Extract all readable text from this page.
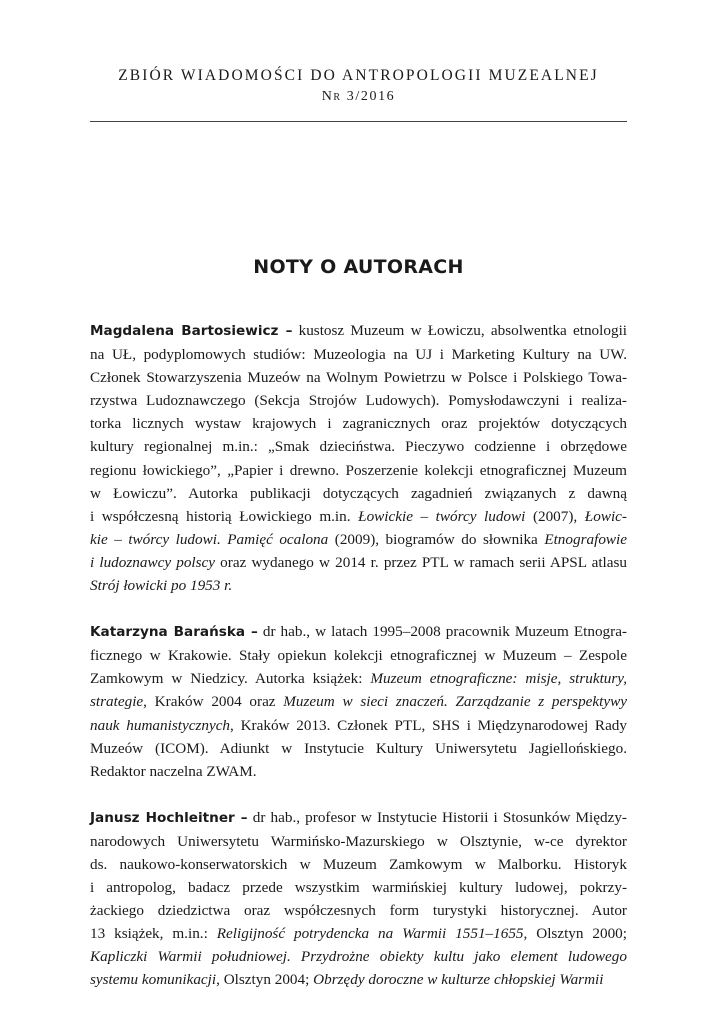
ZBIÓR WIADOMOŚCI DO ANTROPOLOGII MUZEALNEJ
Nr 3/2016
NOTY O AUTORACH
Magdalena Bartosiewicz – kustosz Muzeum w Łowiczu, absolwentka etnologii
na UŁ, podyplomowych studiów: Muzeologia na UJ i Marketing Kultury na UW.
Członek Stowarzyszenia Muzeów na Wolnym Powietrzu w Polsce i Polskiego Towa-
rzystwa Ludoznawczego (Sekcja Strojów Ludowych). Pomysłodawczyni i realiza-
torka licznych wystaw krajowych i zagranicznych oraz projektów dotyczących
kultury regionalnej m.in.: „Smak dzieciństwa. Pieczywo codzienne i obrzędowe
regionu łowickiego”, „Papier i drewno. Poszerzenie kolekcji etnograficznej Muzeum
w Łowiczu”. Autorka publikacji dotyczących zagadnień związanych z dawną
i współczesną historią Łowickiego m.in. Łowickie – twórcy ludowi (2007), Łowic-
kie – twórcy ludowi. Pamięć ocalona (2009), biogramów do słownika Etnografowie
i ludoznawcy polscy oraz wydanego w 2014 r. przez PTL w ramach serii APSL atlasu
Strój łowicki po 1953 r.
Katarzyna Barańska – dr hab., w latach 1995–2008 pracownik Muzeum Etnogra-
ficznego w Krakowie. Stały opiekun kolekcji etnograficznej w Muzeum – Zespole
Zamkowym w Niedzicy. Autorka książek: Muzeum etnograficzne: misje, struktury,
strategie, Kraków 2004 oraz Muzeum w sieci znaczeń. Zarządzanie z perspektywy
nauk humanistycznych, Kraków 2013. Członek PTL, SHS i Międzynarodowej Rady
Muzeów (ICOM). Adiunkt w Instytucie Kultury Uniwersytetu Jagiellońskiego.
Redaktor naczelna ZWAM.
Janusz Hochleitner – dr hab., profesor w Instytucie Historii i Stosunków Między-
narodowych Uniwersytetu Warmińsko-Mazurskiego w Olsztynie, w-ce dyrektor
ds. naukowo-konserwatorskich w Muzeum Zamkowym w Malborku. Historyk
i antropolog, badacz przede wszystkim warmińskiej kultury ludowej, pokrzy-
żackiego dziedzictwa oraz współczesnych form turystyki historycznej. Autor
13 książek, m.in.: Religijność potrydencka na Warmii 1551–1655, Olsztyn 2000;
Kapliczki Warmii południowej. Przydrożne obiekty kultu jako element ludowego
systemu komunikacji, Olsztyn 2004; Obrzędy doroczne w kulturze chłopskiej Warmii
